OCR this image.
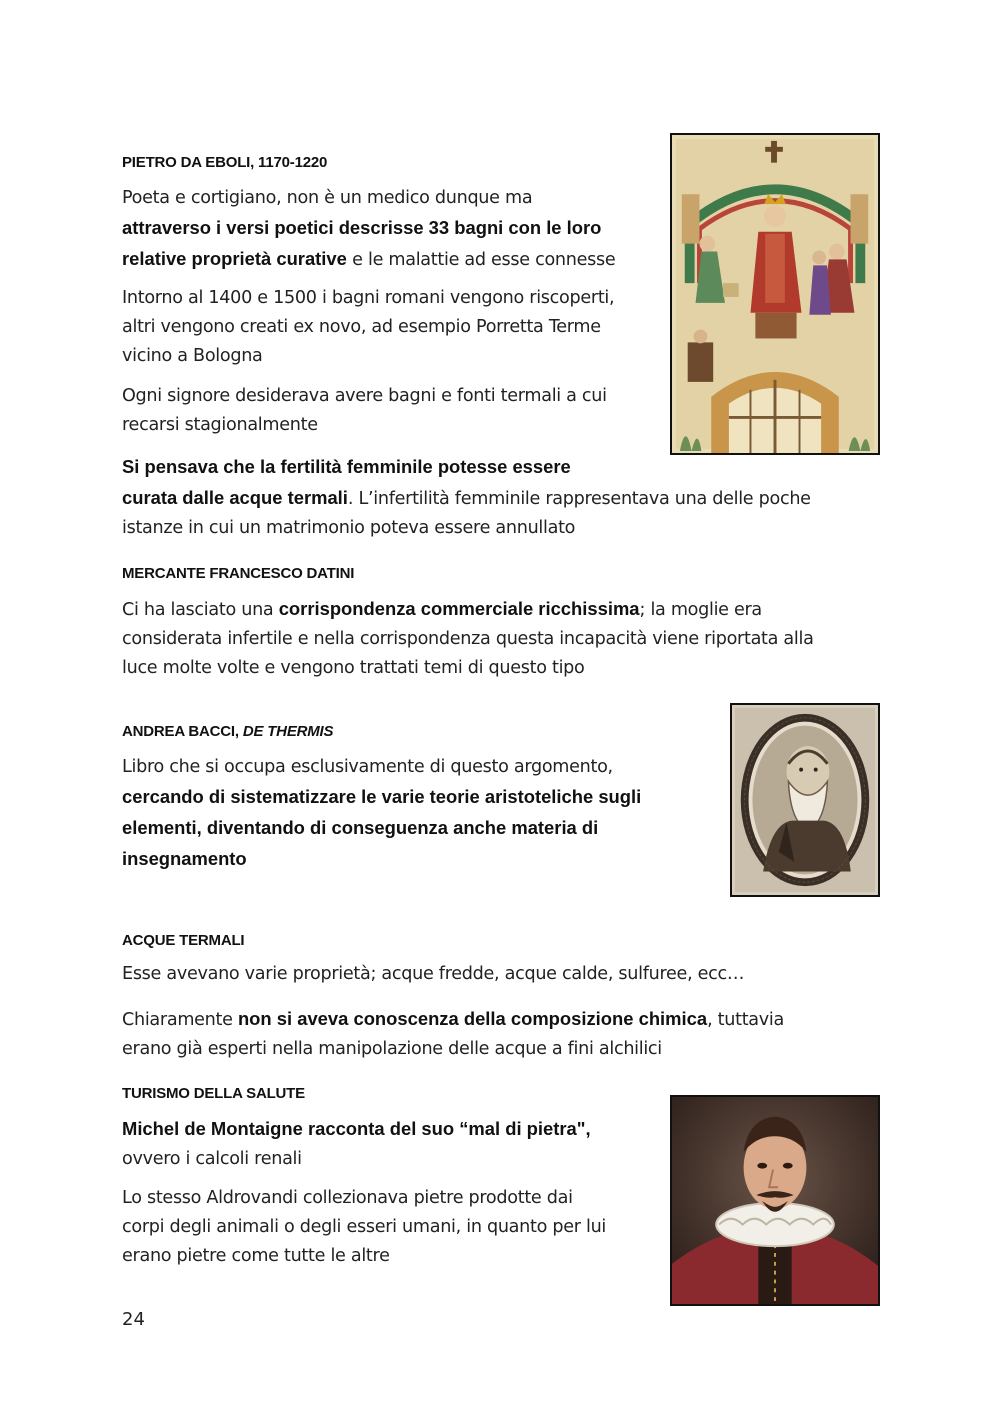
PIETRO DA EBOLI, 1170-1220
Poeta e cortigiano, non è un medico dunque ma
attraverso i versi poetici descrisse 33 bagni con le loro
relative proprietà curative e le malattie ad esse connesse
Intorno al 1400 e 1500 i bagni romani vengono riscoperti,
altri vengono creati ex novo, ad esempio Porretta Terme
vicino a Bologna
Ogni signore desiderava avere bagni e fonti termali a cui
recarsi stagionalmente
Si pensava che la fertilità femminile potesse essere
curata dalle acque termali. L’infertilità femminile rappresentava una delle poche
istanze in cui un matrimonio poteva essere annullato
MERCANTE FRANCESCO DATINI
Ci ha lasciato una corrispondenza commerciale ricchissima; la moglie era
considerata infertile e nella corrispondenza questa incapacità viene riportata alla
luce molte volte e vengono trattati temi di questo tipo
ANDREA BACCI, DE THERMIS
Libro che si occupa esclusivamente di questo argomento,
cercando di sistematizzare le varie teorie aristoteliche sugli
elementi, diventando di conseguenza anche materia di
insegnamento
ACQUE TERMALI
Esse avevano varie proprietà; acque fredde, acque calde, sulfuree, ecc…
Chiaramente non si aveva conoscenza della composizione chimica, tuttavia
erano già esperti nella manipolazione delle acque a fini alchilici
TURISMO DELLA SALUTE
Michel de Montaigne racconta del suo “mal di pietra",
ovvero i calcoli renali
Lo stesso Aldrovandi collezionava pietre prodotte dai
corpi degli animali o degli esseri umani, in quanto per lui
erano pietre come tutte le altre
24
